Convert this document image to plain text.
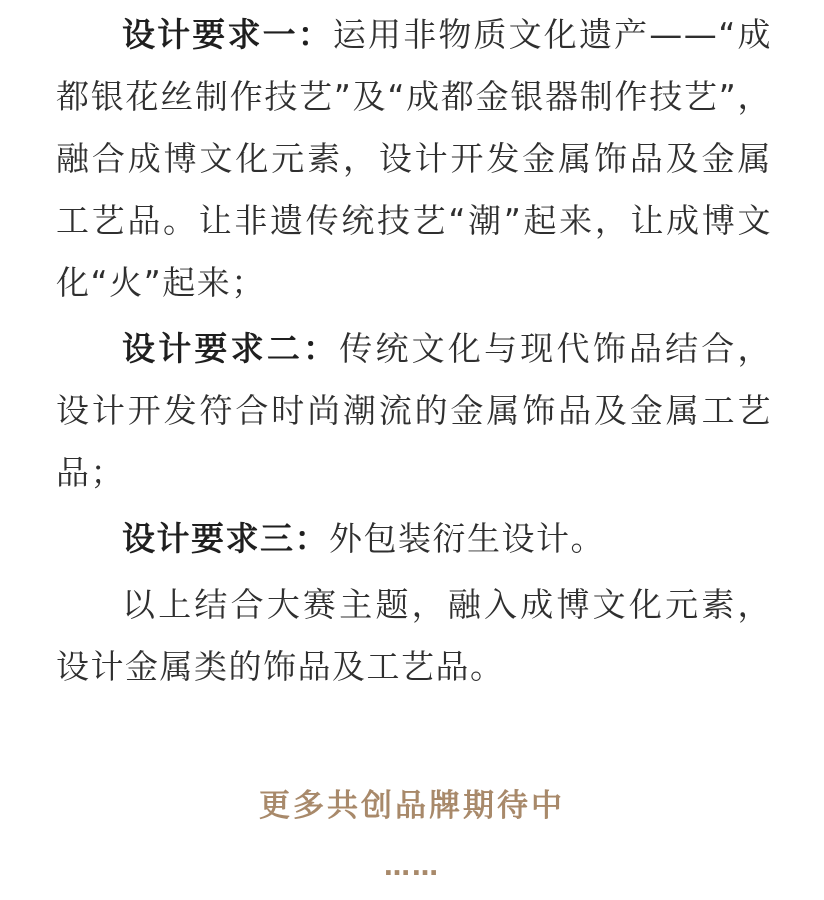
设计要求一：运用非物质文化遗产——“成都银花丝制作技艺”及“成都金银器制作技艺”，融合成博文化元素，设计开发金属饰品及金属工艺品。让非遗传统技艺“潮”起来，让成博文化“火”起来；

设计要求二：传统文化与现代饰品结合，设计开发符合时尚潮流的金属饰品及金属工艺品；

设计要求三：外包装衍生设计。

以上结合大赛主题，融入成博文化元素，设计金属类的饰品及工艺品。

更多共创品牌期待中
……
